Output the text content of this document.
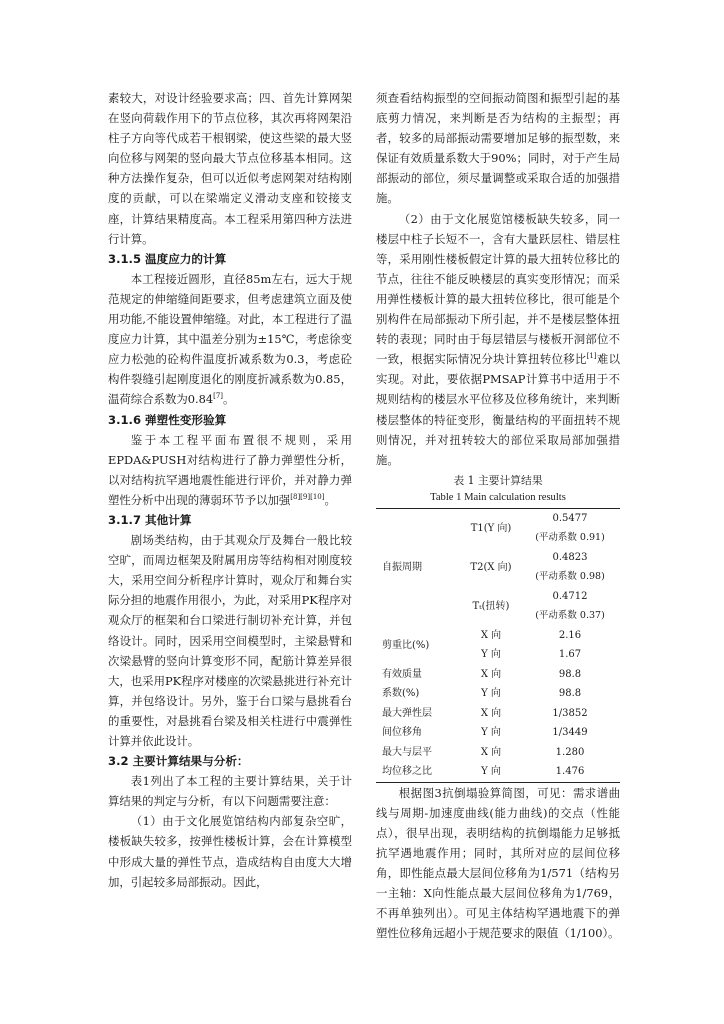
素较大，对设计经验要求高；四、首先计算网架在竖向荷载作用下的节点位移，其次再将网架沿柱子方向等代成若干根钢梁，使这些梁的最大竖向位移与网架的竖向最大节点位移基本相同。这种方法操作复杂，但可以近似考虑网架对结构刚度的贡献，可以在梁端定义滑动支座和铰接支座，计算结果精度高。本工程采用第四种方法进行计算。

3.1.5 温度应力的计算

本工程接近圆形，直径85m左右，远大于规范规定的伸缩缝间距要求，但考虑建筑立面及使用功能,不能设置伸缩缝。对此，本工程进行了温度应力计算，其中温差分别为±15℃，考虑徐变应力松弛的砼构件温度折减系数为0.3，考虑砼构件裂缝引起刚度退化的刚度折减系数为0.85，温荷综合系数为0.84[7]。

3.1.6 弹塑性变形验算

鉴于本工程平面布置很不规则，采用EPDA&PUSH对结构进行了静力弹塑性分析，以对结构抗罕遇地震性能进行评价，并对静力弹塑性分析中出现的薄弱环节予以加强[8][9][10]。

3.1.7 其他计算

剧场类结构，由于其观众厅及舞台一般比较空旷，而周边框架及附属用房等结构相对刚度较大，采用空间分析程序计算时，观众厅和舞台实际分担的地震作用很小，为此，对采用PK程序对观众厅的框架和台口梁进行制切补充计算，并包络设计。同时，因采用空间模型时，主梁悬臂和次梁悬臂的竖向计算变形不同，配筋计算差异很大，也采用PK程序对楼座的次梁悬挑进行补充计算，并包络设计。另外，鉴于台口梁与悬挑看台的重要性，对悬挑看台梁及相关柱进行中震弹性计算并依此设计。

3.2 主要计算结果与分析：

表1列出了本工程的主要计算结果，关于计算结果的判定与分析，有以下问题需要注意：

（1）由于文化展览馆结构内部复杂空旷，楼板缺失较多，按弹性楼板计算，会在计算模型中形成大量的弹性节点，造成结构自由度大大增加，引起较多局部振动。因此，

须查看结构振型的空间振动简图和振型引起的基底剪力情况，来判断是否为结构的主振型；再者，较多的局部振动需要增加足够的振型数，来保证有效质量系数大于90%；同时，对于产生局部振动的部位，须尽量调整或采取合适的加强措施。

（2）由于文化展览馆楼板缺失较多，同一楼层中柱子长短不一，含有大量跃层柱、错层柱等，采用刚性楼板假定计算的最大扭转位移比的节点，往往不能反映楼层的真实变形情况；而采用弹性楼板计算的最大扭转位移比，很可能是个别构件在局部振动下所引起，并不是楼层整体扭转的表现；同时由于每层错层与楼板开洞部位不一致，根据实际情况分块计算扭转位移比[1]难以实现。对此，要依据PMSAP计算书中适用于不规则结构的楼层水平位移及位移角统计，来判断楼层整体的特征变形，衡量结构的平面扭转不规则情况，并对扭转较大的部位采取局部加强措施。

表 1 主要计算结果
Table 1 Main calculation results
自振周期	T1(Y 向)	0.5477
		(平动系数 0.91)
	T2(X 向)	0.4823
		(平动系数 0.98)
	Tₜ(扭转)	0.4712
		(平动系数 0.37)
剪重比(%)	X 向	2.16
	Y 向	1.67
有效质量	X 向	98.8
系数(%)	Y 向	98.8
最大弹性层	X 向	1/3852
间位移角	Y 向	1/3449
最大与层平	X 向	1.280
均位移之比	Y 向	1.476

根据图3抗倒塌验算简图，可见：需求谱曲线与周期-加速度曲线(能力曲线)的交点（性能点），很早出现，表明结构的抗倒塌能力足够抵抗罕遇地震作用；同时，其所对应的层间位移角，即性能点最大层间位移角为1/571（结构另一主轴：X向性能点最大层间位移角为1/769，不再单独列出）。可见主体结构罕遇地震下的弹塑性位移角远超小于规范要求的限值（1/100）。
